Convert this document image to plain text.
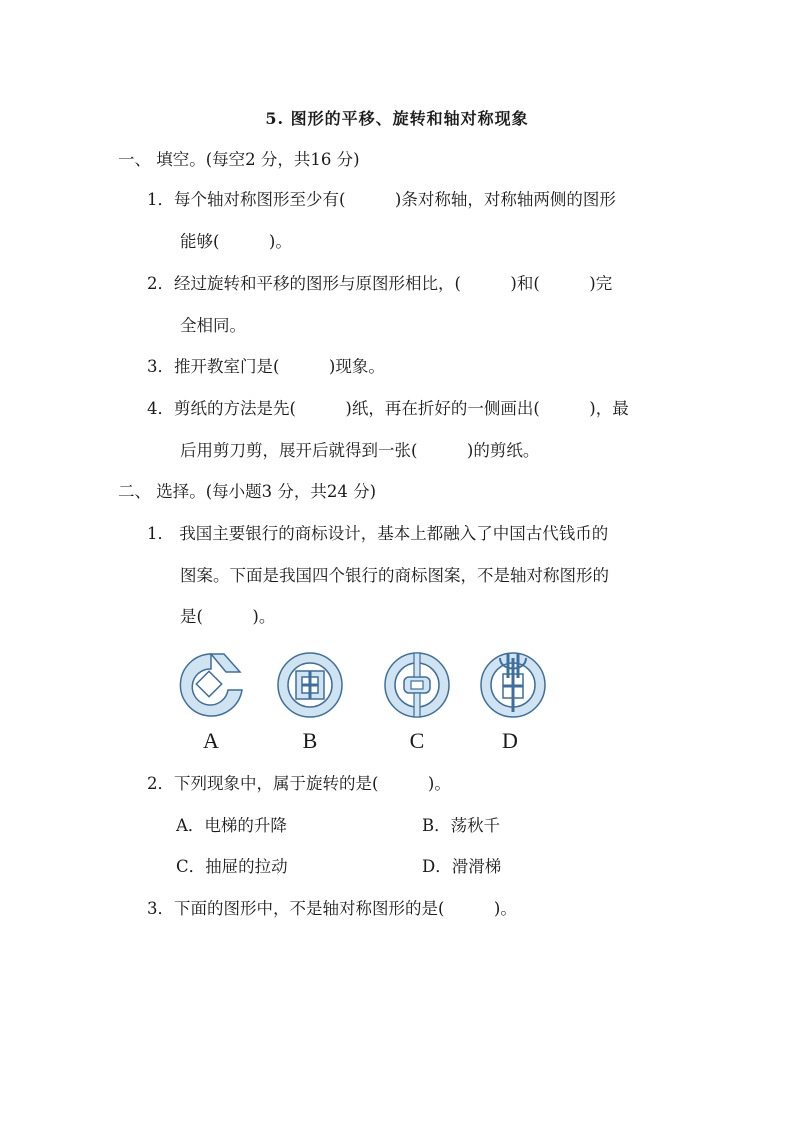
5. 图形的平移、旋转和轴对称现象
一、 填空。(每空2 分，共16 分)
1．每个轴对称图形至少有(　　　)条对称轴，对称轴两侧的图形
能够(　　　)。
2．经过旋转和平移的图形与原图形相比，(　　　)和(　　　)完
全相同。
3．推开教室门是(　　　)现象。
4．剪纸的方法是先(　　　)纸，再在折好的一侧画出(　　　)，最
后用剪刀剪，展开后就得到一张(　　　)的剪纸。
二、 选择。(每小题3 分，共24 分)
1． 我国主要银行的商标设计，基本上都融入了中国古代钱币的
图案。下面是我国四个银行的商标图案，不是轴对称图形的
是(　　　)。
A	B	C	D
2．下列现象中，属于旋转的是(　　　)。
A．电梯的升降	B．荡秋千
C．抽屉的拉动	D．滑滑梯
3．下面的图形中，不是轴对称图形的是(　　　)。
